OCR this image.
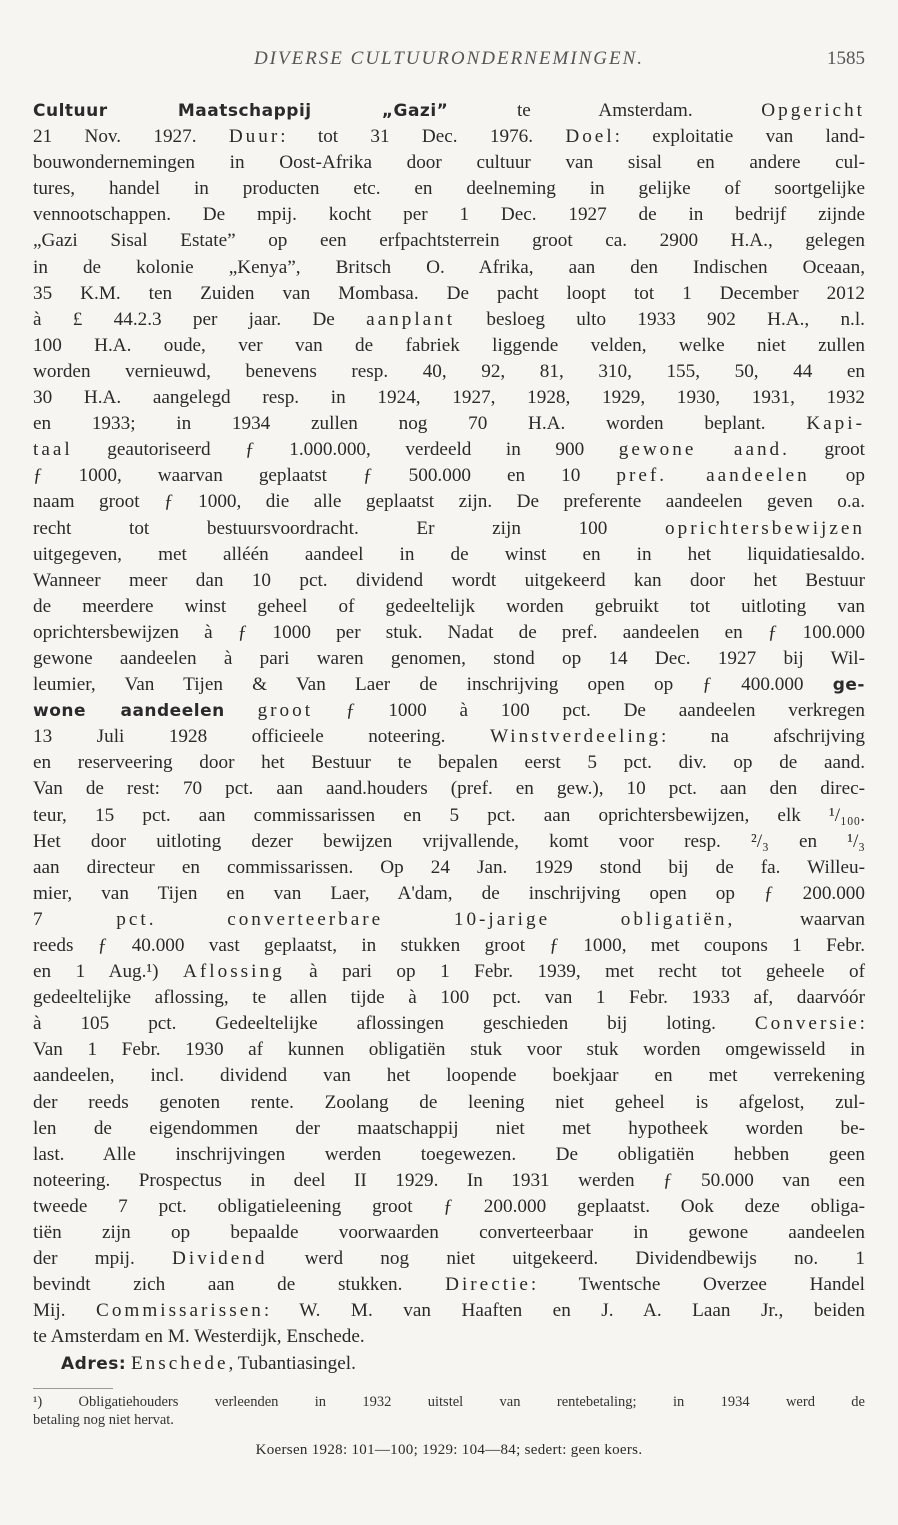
DIVERSE CULTUURONDERNEMINGEN.	1585
Cultuur Maatschappij „Gazi” te Amsterdam. Opgericht
21 Nov. 1927. Duur: tot 31 Dec. 1976. Doel: exploitatie van land-
bouwondernemingen in Oost-Afrika door cultuur van sisal en andere cul-
tures, handel in producten etc. en deelneming in gelijke of soortgelijke
vennootschappen. De mpij. kocht per 1 Dec. 1927 de in bedrijf zijnde
„Gazi Sisal Estate” op een erfpachtsterrein groot ca. 2900 H.A., gelegen
in de kolonie „Kenya”, Britsch O. Afrika, aan den Indischen Oceaan,
35 K.M. ten Zuiden van Mombasa. De pacht loopt tot 1 December 2012
à £ 44.2.3 per jaar. De aanplant besloeg ulto 1933 902 H.A., n.l.
100 H.A. oude, ver van de fabriek liggende velden, welke niet zullen
worden vernieuwd, benevens resp. 40, 92, 81, 310, 155, 50, 44 en
30 H.A. aangelegd resp. in 1924, 1927, 1928, 1929, 1930, 1931, 1932
en 1933; in 1934 zullen nog 70 H.A. worden beplant. Kapi-
taal geautoriseerd ƒ 1.000.000, verdeeld in 900 gewone aand. groot
ƒ 1000, waarvan geplaatst ƒ 500.000 en 10 pref. aandeelen op
naam groot ƒ 1000, die alle geplaatst zijn. De preferente aandeelen geven o.a.
recht tot bestuursvoordracht. Er zijn 100 oprichtersbewijzen
uitgegeven, met alléén aandeel in de winst en in het liquidatiesaldo.
Wanneer meer dan 10 pct. dividend wordt uitgekeerd kan door het Bestuur
de meerdere winst geheel of gedeeltelijk worden gebruikt tot uitloting van
oprichtersbewijzen à ƒ 1000 per stuk. Nadat de pref. aandeelen en ƒ 100.000
gewone aandeelen à pari waren genomen, stond op 14 Dec. 1927 bij Wil-
leumier, Van Tijen & Van Laer de inschrijving open op ƒ 400.000 ge-
wone aandeelen groot ƒ 1000 à 100 pct. De aandeelen verkregen
13 Juli 1928 officieele noteering. Winstverdeeling: na afschrijving
en reserveering door het Bestuur te bepalen eerst 5 pct. div. op de aand.
Van de rest: 70 pct. aan aand.houders (pref. en gew.), 10 pct. aan den direc-
teur, 15 pct. aan commissarissen en 5 pct. aan oprichtersbewijzen, elk ¹/₁₀₀.
Het door uitloting dezer bewijzen vrijvallende, komt voor resp. ²/₃ en ¹/₃
aan directeur en commissarissen. Op 24 Jan. 1929 stond bij de fa. Willeu-
mier, van Tijen en van Laer, A'dam, de inschrijving open op ƒ 200.000
7 pct. converteerbare 10-jarige obligatiën, waarvan
reeds ƒ 40.000 vast geplaatst, in stukken groot ƒ 1000, met coupons 1 Febr.
en 1 Aug.¹) Aflossing à pari op 1 Febr. 1939, met recht tot geheele of
gedeeltelijke aflossing, te allen tijde à 100 pct. van 1 Febr. 1933 af, daarvóór
à 105 pct. Gedeeltelijke aflossingen geschieden bij loting. Conversie:
Van 1 Febr. 1930 af kunnen obligatiën stuk voor stuk worden omgewisseld in
aandeelen, incl. dividend van het loopende boekjaar en met verrekening
der reeds genoten rente. Zoolang de leening niet geheel is afgelost, zul-
len de eigendommen der maatschappij niet met hypotheek worden be-
last. Alle inschrijvingen werden toegewezen. De obligatiën hebben geen
noteering. Prospectus in deel II 1929. In 1931 werden ƒ 50.000 van een
tweede 7 pct. obligatieleening groot ƒ 200.000 geplaatst. Ook deze obliga-
tiën zijn op bepaalde voorwaarden converteerbaar in gewone aandeelen
der mpij. Dividend werd nog niet uitgekeerd. Dividendbewijs no. 1
bevindt zich aan de stukken. Directie: Twentsche Overzee Handel
Mij. Commissarissen: W. M. van Haaften en J. A. Laan Jr., beiden
te Amsterdam en M. Westerdijk, Enschede.
Adres: Enschede, Tubantiasingel.
¹) Obligatiehouders verleenden in 1932 uitstel van rentebetaling; in 1934 werd de
betaling nog niet hervat.
Koersen 1928: 101—100; 1929: 104—84; sedert: geen koers.
